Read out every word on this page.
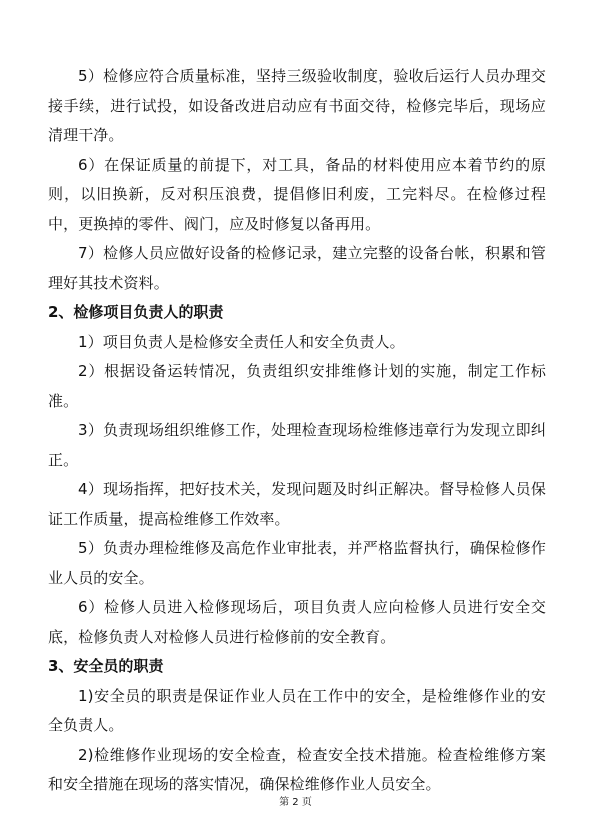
5）检修应符合质量标准，坚持三级验收制度，验收后运行人员办理交接手续，进行试投，如设备改进启动应有书面交待，检修完毕后，现场应清理干净。

6）在保证质量的前提下，对工具，备品的材料使用应本着节约的原则，以旧换新，反对积压浪费，提倡修旧利废，工完料尽。在检修过程中，更换掉的零件、阀门，应及时修复以备再用。

7）检修人员应做好设备的检修记录，建立完整的设备台帐，积累和管理好其技术资料。

2、检修项目负责人的职责

1）项目负责人是检修安全责任人和安全负责人。

2）根据设备运转情况，负责组织安排维修计划的实施，制定工作标准。

3）负责现场组织维修工作，处理检查现场检维修违章行为发现立即纠正。

4）现场指挥，把好技术关，发现问题及时纠正解决。督导检修人员保证工作质量，提高检维修工作效率。

5）负责办理检维修及高危作业审批表，并严格监督执行，确保检修作业人员的安全。

6）检修人员进入检修现场后，项目负责人应向检修人员进行安全交底，检修负责人对检修人员进行检修前的安全教育。

3、安全员的职责

1)安全员的职责是保证作业人员在工作中的安全，是检维修作业的安全负责人。

2)检维修作业现场的安全检查，检查安全技术措施。检查检维修方案和安全措施在现场的落实情况，确保检维修作业人员安全。

第 2 页
